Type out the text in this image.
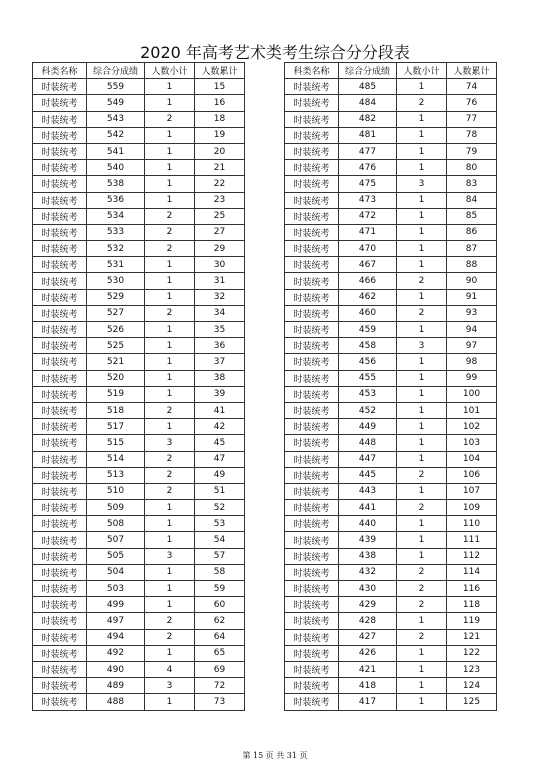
2020 年高考艺术类考生综合分分段表
科类名称	综合分成绩	人数小计	人数累计
时装统考	559	1	15
时装统考	549	1	16
时装统考	543	2	18
时装统考	542	1	19
时装统考	541	1	20
时装统考	540	1	21
时装统考	538	1	22
时装统考	536	1	23
时装统考	534	2	25
时装统考	533	2	27
时装统考	532	2	29
时装统考	531	1	30
时装统考	530	1	31
时装统考	529	1	32
时装统考	527	2	34
时装统考	526	1	35
时装统考	525	1	36
时装统考	521	1	37
时装统考	520	1	38
时装统考	519	1	39
时装统考	518	2	41
时装统考	517	1	42
时装统考	515	3	45
时装统考	514	2	47
时装统考	513	2	49
时装统考	510	2	51
时装统考	509	1	52
时装统考	508	1	53
时装统考	507	1	54
时装统考	505	3	57
时装统考	504	1	58
时装统考	503	1	59
时装统考	499	1	60
时装统考	497	2	62
时装统考	494	2	64
时装统考	492	1	65
时装统考	490	4	69
时装统考	489	3	72
时装统考	488	1	73
科类名称	综合分成绩	人数小计	人数累计
时装统考	485	1	74
时装统考	484	2	76
时装统考	482	1	77
时装统考	481	1	78
时装统考	477	1	79
时装统考	476	1	80
时装统考	475	3	83
时装统考	473	1	84
时装统考	472	1	85
时装统考	471	1	86
时装统考	470	1	87
时装统考	467	1	88
时装统考	466	2	90
时装统考	462	1	91
时装统考	460	2	93
时装统考	459	1	94
时装统考	458	3	97
时装统考	456	1	98
时装统考	455	1	99
时装统考	453	1	100
时装统考	452	1	101
时装统考	449	1	102
时装统考	448	1	103
时装统考	447	1	104
时装统考	445	2	106
时装统考	443	1	107
时装统考	441	2	109
时装统考	440	1	110
时装统考	439	1	111
时装统考	438	1	112
时装统考	432	2	114
时装统考	430	2	116
时装统考	429	2	118
时装统考	428	1	119
时装统考	427	2	121
时装统考	426	1	122
时装统考	421	1	123
时装统考	418	1	124
时装统考	417	1	125
第 15 页 共 31 页
